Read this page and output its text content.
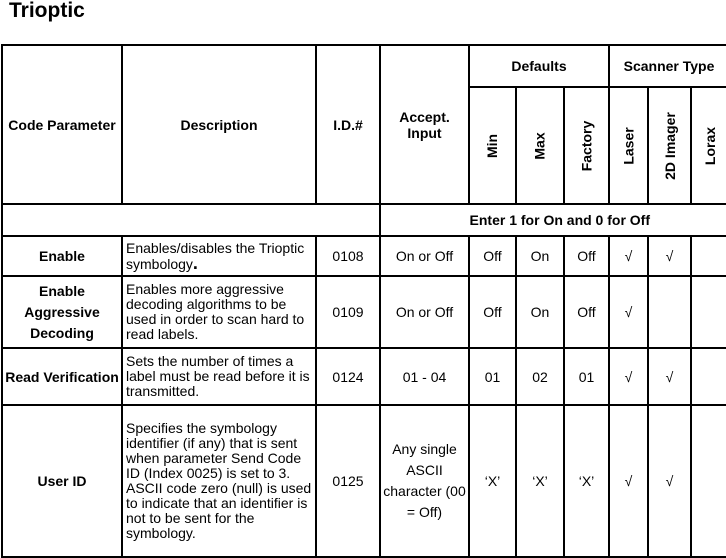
Trioptic
Code Parameter	Description	I.D.#	Accept. Input	Defaults			Scanner Type		

				Min	Max	Factory	Laser	2D Imager	Lorax

			Enter 1 for On and 0 for Off						
Enable	Enables/disables the Trioptic symbology.	0108	On or Off	Off	On	Off	√	√	

Enable Aggressive Decoding	Enables more aggressive decoding algorithms to be used in order to scan hard to read labels.	0109	On or Off	Off	On	Off	√		
Read Verification	Sets the number of times a label must be read before it is transmitted.	0124	01 - 04	01	02	01	√	√	
User ID	Specifies the symbology identifier (if any) that is sent when parameter Send Code ID (Index 0025) is set to 3. ASCII code zero (null) is used to indicate that an identifier is not to be sent for the symbology.	0125	Any single ASCII character (00 = Off)	‘X’	‘X’	‘X’	√	√	
